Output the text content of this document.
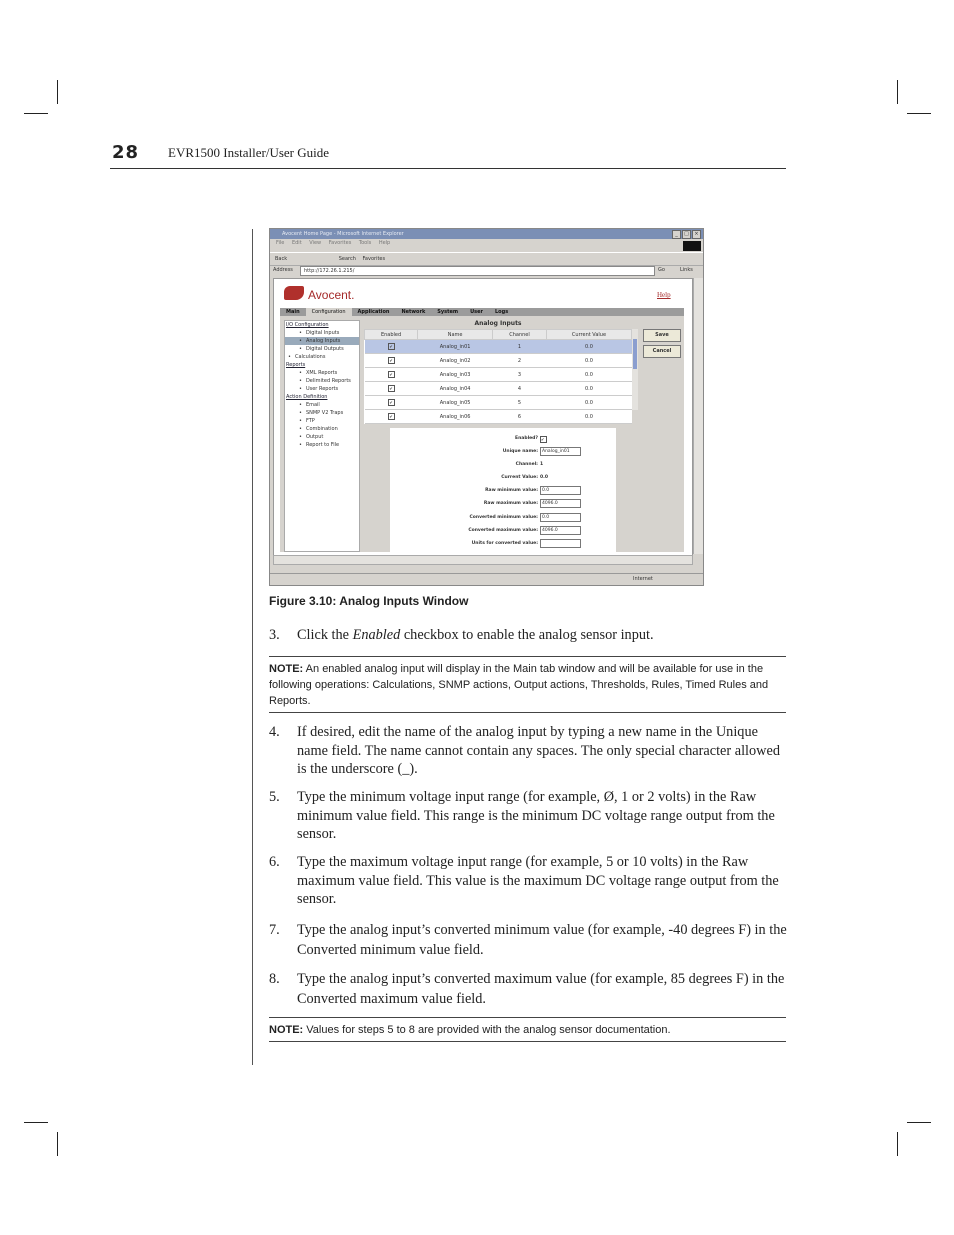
28 EVR1500 Installer/User Guide
Avocent Home Page - Microsoft Internet Explorer	_	□	×
File Edit View Favorites Tools Help
Back	Search Favorites
Address	http://172.26.1.215/	Go	Links
Avocent.	Help
Main	Configuration	Application	Network	System	User	Logs
I/O Configuration
• Digital Inputs
• Analog Inputs
• Digital Outputs
• Calculations
Reports
• XML Reports
• Delimited Reports
• User Reports
Action Definition
• Email
• SNMP V2 Traps
• FTP
• Combination
• Output
• Report to File
Analog Inputs
Enabled	Name	Channel	Current Value
✔	Analog_in01	1	0.0
✔	Analog_in02	2	0.0
✔	Analog_in03	3	0.0
✔	Analog_in04	4	0.0
✔	Analog_in05	5	0.0
✔	Analog_in06	6	0.0
Save
Cancel
Enabled? ✔
Unique name: Analog_in01
Channel: 1
Current Value: 0.0
Raw minimum value: 0.0
Raw maximum value: 4096.0
Converted minimum value: 0.0
Converted maximum value: 4096.0
Units for converted value:
Internet
Figure 3.10: Analog Inputs Window
3. Click the Enabled checkbox to enable the analog sensor input.
NOTE: An enabled analog input will display in the Main tab window and will be available for use in the following operations: Calculations, SNMP actions, Output actions, Thresholds, Rules, Timed Rules and Reports.
4. If desired, edit the name of the analog input by typing a new name in the Unique name field. The name cannot contain any spaces. The only special character allowed is the underscore (_).
5. Type the minimum voltage input range (for example, Ø, 1 or 2 volts) in the Raw minimum value field. This range is the minimum DC voltage range output from the sensor.
6. Type the maximum voltage input range (for example, 5 or 10 volts) in the Raw maximum value field. This value is the maximum DC voltage range output from the sensor.
7. Type the analog input’s converted minimum value (for example, -40 degrees F) in the Converted minimum value field.
8. Type the analog input’s converted maximum value (for example, 85 degrees F) in the Converted maximum value field.
NOTE: Values for steps 5 to 8 are provided with the analog sensor documentation.
